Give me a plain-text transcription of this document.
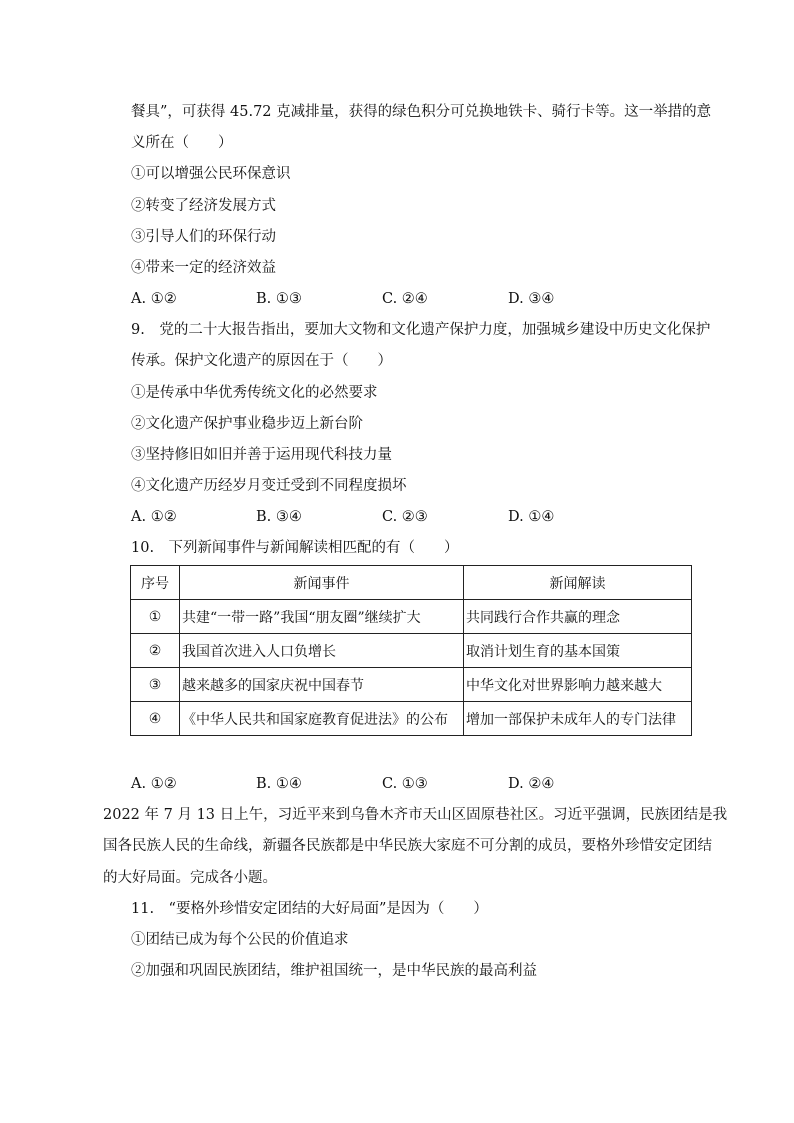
餐具”，可获得 45.72 克减排量，获得的绿色积分可兑换地铁卡、骑行卡等。这一举措的意
义所在（　　）
①可以增强公民环保意识
②转变了经济发展方式
③引导人们的环保行动
④带来一定的经济效益
A. ①②	B. ①③	C. ②④	D. ③④
9.　党的二十大报告指出，要加大文物和文化遗产保护力度，加强城乡建设中历史文化保护
传承。保护文化遗产的原因在于（　　）
①是传承中华优秀传统文化的必然要求
②文化遗产保护事业稳步迈上新台阶
③坚持修旧如旧并善于运用现代科技力量
④文化遗产历经岁月变迁受到不同程度损坏
A. ①②	B. ③④	C. ②③	D. ①④
10.　下列新闻事件与新闻解读相匹配的有（　　）
序号	新闻事件	新闻解读
①	共建“一带一路”我国“朋友圈”继续扩大	共同践行合作共赢的理念
②	我国首次进入人口负增长	取消计划生育的基本国策
③	越来越多的国家庆祝中国春节	中华文化对世界影响力越来越大
④	《中华人民共和国家庭教育促进法》的公布	增加一部保护未成年人的专门法律
A. ①②	B. ①④	C. ①③	D. ②④
2022 年 7 月 13 日上午，习近平来到乌鲁木齐市天山区固原巷社区。习近平强调，民族团结是我
国各民族人民的生命线，新疆各民族都是中华民族大家庭不可分割的成员，要格外珍惜安定团结
的大好局面。完成各小题。
11.　“要格外珍惜安定团结的大好局面”是因为（　　）
①团结已成为每个公民的价值追求
②加强和巩固民族团结，维护祖国统一，是中华民族的最高利益
